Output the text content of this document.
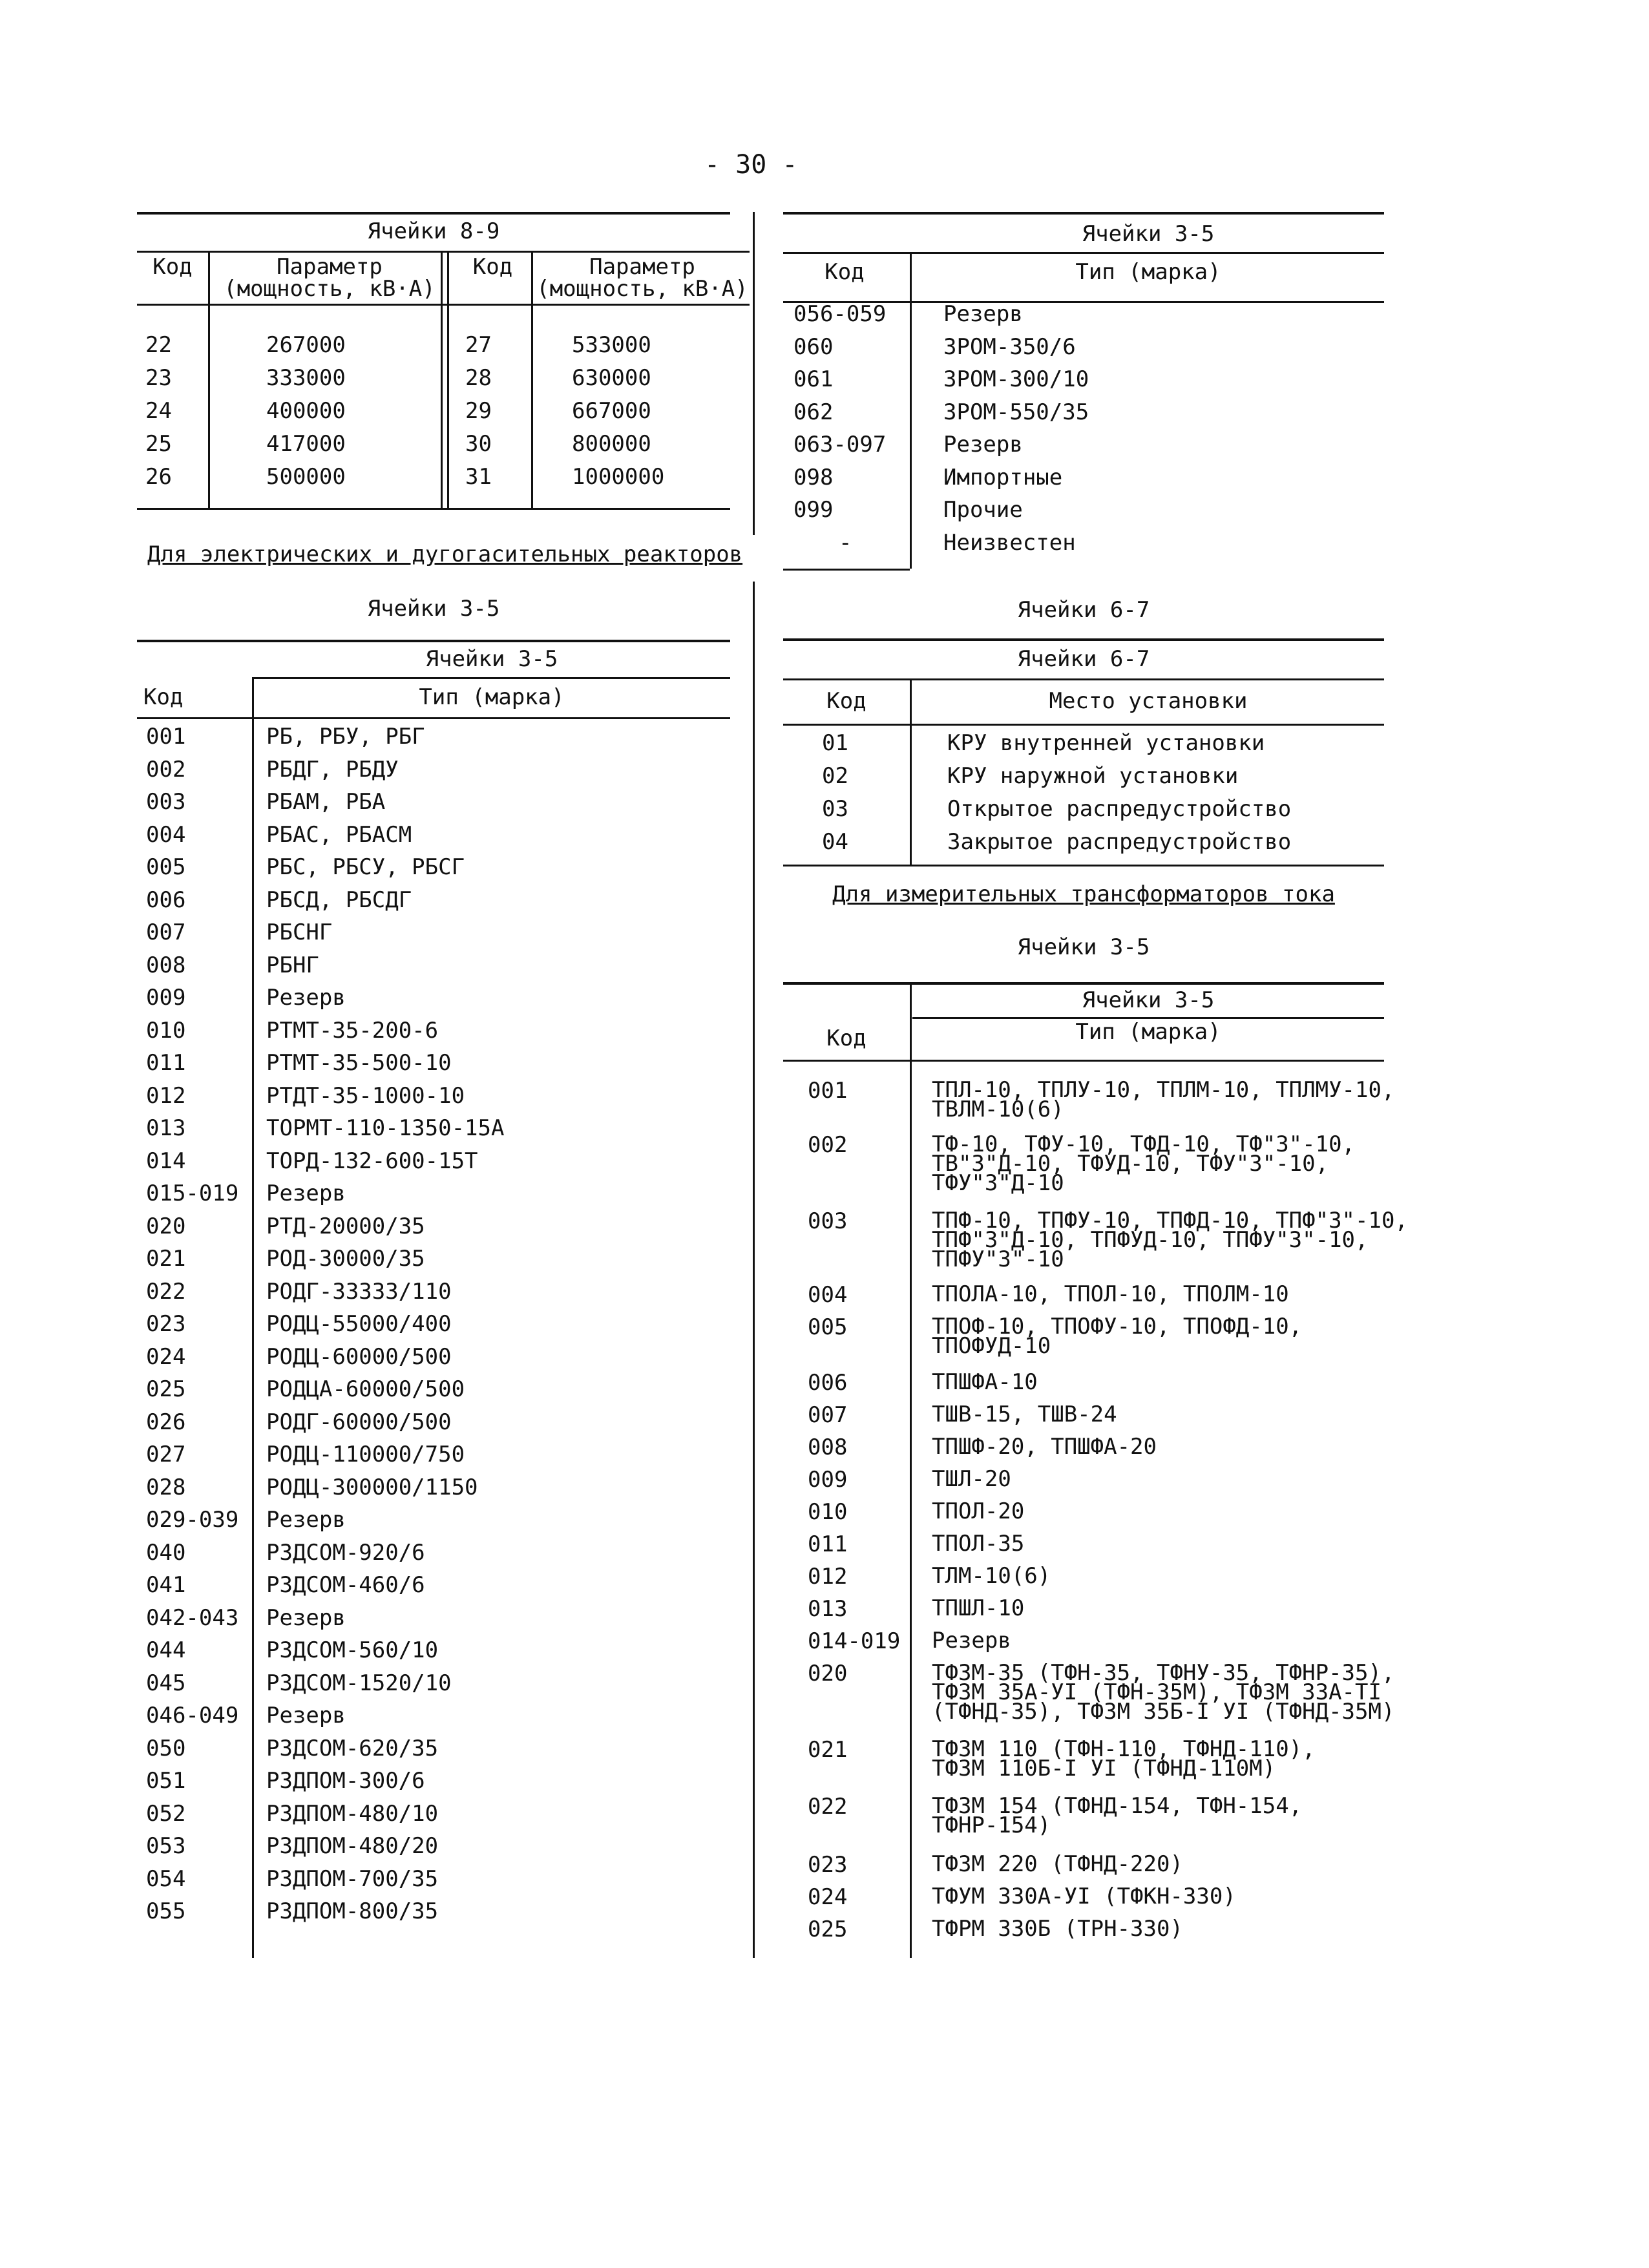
- 30 -
Ячейки 8-9
Код	Параметр
(мощность, кВ·А)
Код	Параметр
(мощность, кВ·А)
22	267000	27	533000
23	333000	28	630000
24	400000	29	667000
25	417000	30	800000
26	500000	31	1000000
Для электрических и дугогасительных реакторов
Ячейки 3-5
Ячейки 3-5
Код	Тип (марка)
001	РБ, РБУ, РБГ
002	РБДГ, РБДУ
003	РБАМ, РБА
004	РБАС, РБАСМ
005	РБС, РБСУ, РБСГ
006	РБСД, РБСДГ
007	РБСНГ
008	РБНГ
009	Резерв
010	РТМТ-35-200-6
011	РТМТ-35-500-10
012	РТДТ-35-1000-10
013	ТОРМТ-110-1350-15А
014	ТОРД-132-600-15Т
015-019 Резерв
020	РТД-20000/35
021	РОД-30000/35
022	РОДГ-33333/110
023	РОДЦ-55000/400
024	РОДЦ-60000/500
025	РОДЦА-60000/500
026	РОДГ-60000/500
027	РОДЦ-110000/750
028	РОДЦ-300000/1150
029-039 Резерв
040	РЗДСОМ-920/6
041	РЗДСОМ-460/6
042-043 Резерв
044	РЗДСОМ-560/10
045	РЗДСОМ-1520/10
046-049 Резерв
050	РЗДСОМ-620/35
051	РЗДПОМ-300/6
052	РЗДПОМ-480/10
053	РЗДПОМ-480/20
054	РЗДПОМ-700/35
055	РЗДПОМ-800/35
Ячейки 3-5
Код	Тип (марка)
056-059	Резерв
060	ЗРОМ-350/6
061	ЗРОМ-300/10
062	ЗРОМ-550/35
063-097	Резерв
098	Импортные
099	Прочие
-	Неизвестен
Ячейки 6-7
Ячейки 6-7
Код	Место установки
01	КРУ внутренней установки
02	КРУ наружной установки
03	Открытое распредустройство
04	Закрытое распредустройство
Для измерительных трансформаторов тока
Ячейки 3-5
Ячейки 3-5
Код	Тип (марка)
001	ТПЛ-10, ТПЛУ-10, ТПЛМ-10, ТПЛМУ-10,
ТВЛМ-10(6)
002	ТФ-10, ТФУ-10, ТФД-10, ТФ"3"-10,
ТВ"3"Д-10, ТФУД-10, ТФУ"3"-10,
ТФУ"3"Д-10
003	ТПФ-10, ТПФУ-10, ТПФД-10, ТПФ"3"-10,
ТПФ"3"Д-10, ТПФУД-10, ТПФУ"3"-10,
ТПФУ"3"-10
004	ТПОЛА-10, ТПОЛ-10, ТПОЛМ-10
005	ТПОФ-10, ТПОФУ-10, ТПОФД-10,
ТПОФУД-10
006	ТПШФА-10
007	ТШВ-15, ТШВ-24
008	ТПШФ-20, ТПШФА-20
009	ТШЛ-20
010	ТПОЛ-20
011	ТПОЛ-35
012	ТЛМ-10(6)
013	ТПШЛ-10
014-019 Резерв
020	ТФЗМ-35 (ТФН-35, ТФНУ-35, ТФНР-35),
ТФЗМ 35А-УI (ТФН-35М), ТФЗМ 33А-ТI
(ТФНД-35), ТФЗМ 35Б-I УI (ТФНД-35М)
021	ТФЗМ 110 (ТФН-110, ТФНД-110),
ТФЗМ 110Б-I УI (ТФНД-110М)
022	ТФЗМ 154 (ТФНД-154, ТФН-154,
ТФНР-154)
023	ТФЗМ 220 (ТФНД-220)
024	ТФУМ 330А-УI (ТФКН-330)
025	ТФРМ 330Б (ТРН-330)
